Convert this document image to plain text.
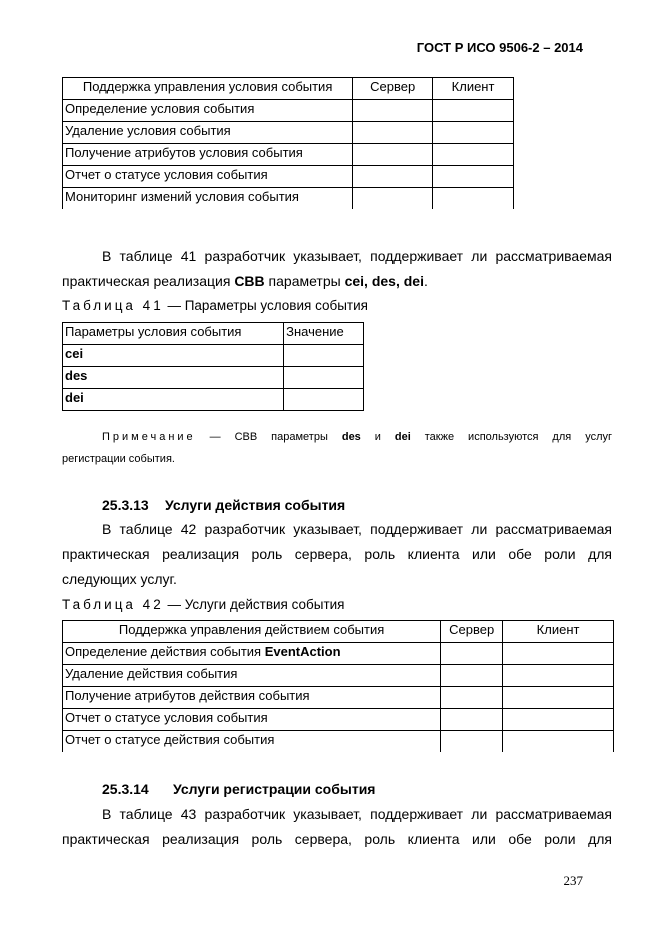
ГОСТ Р ИСО 9506-2 – 2014
Поддержка управления условия события	Сервер	Клиент
Определение условия события		
Удаление условия события		
Получение атрибутов условия события		
Отчет о статусе условия события		
Мониторинг измений условия события		

В таблице 41 разработчик указывает, поддерживает ли рассматриваемая

практическая реализация СВВ параметры cei, des, dei.

Таблица 41 — Параметры условия события
Параметры условия события	Значение
cei	
des	
dei	
Примечание — СВВ параметры des и dei также используются для услуг
регистрации события.
25.3.13 Услуги действия события

В таблице 42 разработчик указывает, поддерживает ли рассматриваемая

практическая реализация роль сервера, роль клиента или обе роли для

следующих услуг.

Таблица 42 — Услуги действия события
Поддержка управления действием события	Сервер	Клиент
Определение действия события EventAction		
Удаление действия события		
Получение атрибутов действия события		
Отчет о статусе условия события		
Отчет о статусе действия события		
25.3.14 Услуги регистрации события

В таблице 43 разработчик указывает, поддерживает ли рассматриваемая

практическая реализация роль сервера, роль клиента или обе роли для

237
